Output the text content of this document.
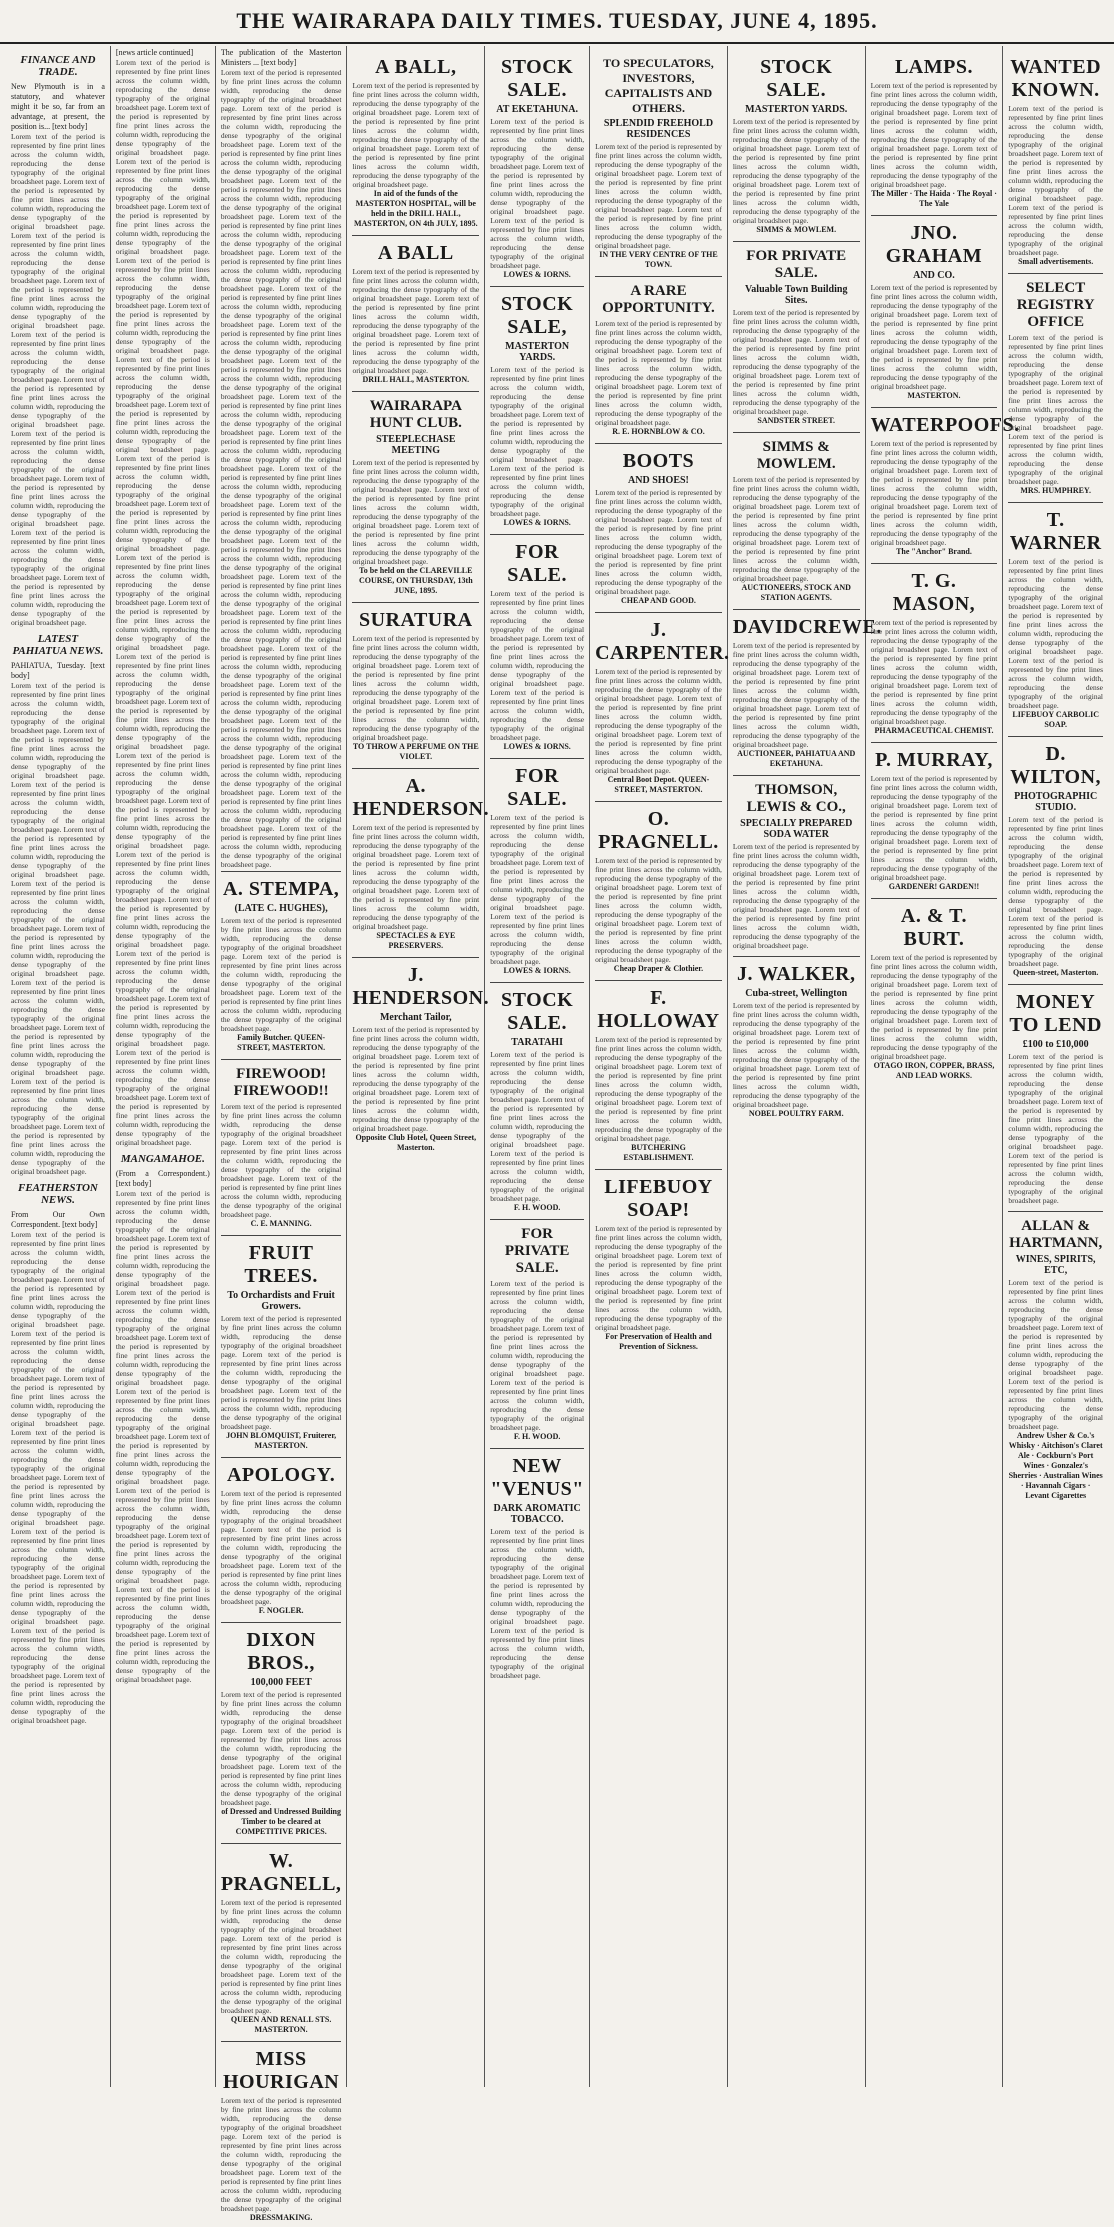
THE WAIRARAPA DAILY TIMES. TUESDAY, JUNE 4, 1895.
FINANCE AND TRADE.
New Plymouth is in a statutory, and whatever might it be so, far from an advantage, at present, the position is... [text body]
Lorem text of the period is represented by fine print lines across the column width, reproducing the dense typography of the original broadsheet page. Lorem text of the period is represented by fine print lines across the column width, reproducing the dense typography of the original broadsheet page. Lorem text of the period is represented by fine print lines across the column width, reproducing the dense typography of the original broadsheet page. Lorem text of the period is represented by fine print lines across the column width, reproducing the dense typography of the original broadsheet page. Lorem text of the period is represented by fine print lines across the column width, reproducing the dense typography of the original broadsheet page. Lorem text of the period is represented by fine print lines across the column width, reproducing the dense typography of the original broadsheet page. Lorem text of the period is represented by fine print lines across the column width, reproducing the dense typography of the original broadsheet page. Lorem text of the period is represented by fine print lines across the column width, reproducing the dense typography of the original broadsheet page. Lorem text of the period is represented by fine print lines across the column width, reproducing the dense typography of the original broadsheet page. Lorem text of the period is represented by fine print lines across the column width, reproducing the dense typography of the original broadsheet page.
LATEST PAHIATUA NEWS.
PAHIATUA, Tuesday. [text body]
Lorem text of the period is represented by fine print lines across the column width, reproducing the dense typography of the original broadsheet page. Lorem text of the period is represented by fine print lines across the column width, reproducing the dense typography of the original broadsheet page. Lorem text of the period is represented by fine print lines across the column width, reproducing the dense typography of the original broadsheet page. Lorem text of the period is represented by fine print lines across the column width, reproducing the dense typography of the original broadsheet page. Lorem text of the period is represented by fine print lines across the column width, reproducing the dense typography of the original broadsheet page. Lorem text of the period is represented by fine print lines across the column width, reproducing the dense typography of the original broadsheet page. Lorem text of the period is represented by fine print lines across the column width, reproducing the dense typography of the original broadsheet page. Lorem text of the period is represented by fine print lines across the column width, reproducing the dense typography of the original broadsheet page. Lorem text of the period is represented by fine print lines across the column width, reproducing the dense typography of the original broadsheet page. Lorem text of the period is represented by fine print lines across the column width, reproducing the dense typography of the original broadsheet page.
FEATHERSTON NEWS.
From Our Own Correspondent. [text body]
Lorem text of the period is represented by fine print lines across the column width, reproducing the dense typography of the original broadsheet page. Lorem text of the period is represented by fine print lines across the column width, reproducing the dense typography of the original broadsheet page. Lorem text of the period is represented by fine print lines across the column width, reproducing the dense typography of the original broadsheet page. Lorem text of the period is represented by fine print lines across the column width, reproducing the dense typography of the original broadsheet page. Lorem text of the period is represented by fine print lines across the column width, reproducing the dense typography of the original broadsheet page. Lorem text of the period is represented by fine print lines across the column width, reproducing the dense typography of the original broadsheet page. Lorem text of the period is represented by fine print lines across the column width, reproducing the dense typography of the original broadsheet page. Lorem text of the period is represented by fine print lines across the column width, reproducing the dense typography of the original broadsheet page. Lorem text of the period is represented by fine print lines across the column width, reproducing the dense typography of the original broadsheet page. Lorem text of the period is represented by fine print lines across the column width, reproducing the dense typography of the original broadsheet page.
[news article continued]
Lorem text of the period is represented by fine print lines across the column width, reproducing the dense typography of the original broadsheet page. Lorem text of the period is represented by fine print lines across the column width, reproducing the dense typography of the original broadsheet page. Lorem text of the period is represented by fine print lines across the column width, reproducing the dense typography of the original broadsheet page. Lorem text of the period is represented by fine print lines across the column width, reproducing the dense typography of the original broadsheet page. Lorem text of the period is represented by fine print lines across the column width, reproducing the dense typography of the original broadsheet page. Lorem text of the period is represented by fine print lines across the column width, reproducing the dense typography of the original broadsheet page. Lorem text of the period is represented by fine print lines across the column width, reproducing the dense typography of the original broadsheet page. Lorem text of the period is represented by fine print lines across the column width, reproducing the dense typography of the original broadsheet page. Lorem text of the period is represented by fine print lines across the column width, reproducing the dense typography of the original broadsheet page. Lorem text of the period is represented by fine print lines across the column width, reproducing the dense typography of the original broadsheet page. Lorem text of the period is represented by fine print lines across the column width, reproducing the dense typography of the original broadsheet page. Lorem text of the period is represented by fine print lines across the column width, reproducing the dense typography of the original broadsheet page. Lorem text of the period is represented by fine print lines across the column width, reproducing the dense typography of the original broadsheet page. Lorem text of the period is represented by fine print lines across the column width, reproducing the dense typography of the original broadsheet page. Lorem text of the period is represented by fine print lines across the column width, reproducing the dense typography of the original broadsheet page. Lorem text of the period is represented by fine print lines across the column width, reproducing the dense typography of the original broadsheet page. Lorem text of the period is represented by fine print lines across the column width, reproducing the dense typography of the original broadsheet page. Lorem text of the period is represented by fine print lines across the column width, reproducing the dense typography of the original broadsheet page. Lorem text of the period is represented by fine print lines across the column width, reproducing the dense typography of the original broadsheet page. Lorem text of the period is represented by fine print lines across the column width, reproducing the dense typography of the original broadsheet page. Lorem text of the period is represented by fine print lines across the column width, reproducing the dense typography of the original broadsheet page. Lorem text of the period is represented by fine print lines across the column width, reproducing the dense typography of the original broadsheet page.
MANGAMAHOE.
(From a Correspondent.) [text body]
Lorem text of the period is represented by fine print lines across the column width, reproducing the dense typography of the original broadsheet page. Lorem text of the period is represented by fine print lines across the column width, reproducing the dense typography of the original broadsheet page. Lorem text of the period is represented by fine print lines across the column width, reproducing the dense typography of the original broadsheet page. Lorem text of the period is represented by fine print lines across the column width, reproducing the dense typography of the original broadsheet page. Lorem text of the period is represented by fine print lines across the column width, reproducing the dense typography of the original broadsheet page. Lorem text of the period is represented by fine print lines across the column width, reproducing the dense typography of the original broadsheet page. Lorem text of the period is represented by fine print lines across the column width, reproducing the dense typography of the original broadsheet page. Lorem text of the period is represented by fine print lines across the column width, reproducing the dense typography of the original broadsheet page. Lorem text of the period is represented by fine print lines across the column width, reproducing the dense typography of the original broadsheet page. Lorem text of the period is represented by fine print lines across the column width, reproducing the dense typography of the original broadsheet page.
The publication of the Masterton Ministers ... [text body]
Lorem text of the period is represented by fine print lines across the column width, reproducing the dense typography of the original broadsheet page. Lorem text of the period is represented by fine print lines across the column width, reproducing the dense typography of the original broadsheet page. Lorem text of the period is represented by fine print lines across the column width, reproducing the dense typography of the original broadsheet page. Lorem text of the period is represented by fine print lines across the column width, reproducing the dense typography of the original broadsheet page. Lorem text of the period is represented by fine print lines across the column width, reproducing the dense typography of the original broadsheet page. Lorem text of the period is represented by fine print lines across the column width, reproducing the dense typography of the original broadsheet page. Lorem text of the period is represented by fine print lines across the column width, reproducing the dense typography of the original broadsheet page. Lorem text of the period is represented by fine print lines across the column width, reproducing the dense typography of the original broadsheet page. Lorem text of the period is represented by fine print lines across the column width, reproducing the dense typography of the original broadsheet page. Lorem text of the period is represented by fine print lines across the column width, reproducing the dense typography of the original broadsheet page. Lorem text of the period is represented by fine print lines across the column width, reproducing the dense typography of the original broadsheet page. Lorem text of the period is represented by fine print lines across the column width, reproducing the dense typography of the original broadsheet page. Lorem text of the period is represented by fine print lines across the column width, reproducing the dense typography of the original broadsheet page. Lorem text of the period is represented by fine print lines across the column width, reproducing the dense typography of the original broadsheet page. Lorem text of the period is represented by fine print lines across the column width, reproducing the dense typography of the original broadsheet page. Lorem text of the period is represented by fine print lines across the column width, reproducing the dense typography of the original broadsheet page. Lorem text of the period is represented by fine print lines across the column width, reproducing the dense typography of the original broadsheet page. Lorem text of the period is represented by fine print lines across the column width, reproducing the dense typography of the original broadsheet page. Lorem text of the period is represented by fine print lines across the column width, reproducing the dense typography of the original broadsheet page. Lorem text of the period is represented by fine print lines across the column width, reproducing the dense typography of the original broadsheet page. Lorem text of the period is represented by fine print lines across the column width, reproducing the dense typography of the original broadsheet page. Lorem text of the period is represented by fine print lines across the column width, reproducing the dense typography of the original broadsheet page.
A. STEMPA,
(LATE C. HUGHES),
Lorem text of the period is represented by fine print lines across the column width, reproducing the dense typography of the original broadsheet page. Lorem text of the period is represented by fine print lines across the column width, reproducing the dense typography of the original broadsheet page. Lorem text of the period is represented by fine print lines across the column width, reproducing the dense typography of the original broadsheet page.
Family Butcher. QUEEN-STREET, MASTERTON.
FIREWOOD! FIREWOOD!!
Lorem text of the period is represented by fine print lines across the column width, reproducing the dense typography of the original broadsheet page. Lorem text of the period is represented by fine print lines across the column width, reproducing the dense typography of the original broadsheet page. Lorem text of the period is represented by fine print lines across the column width, reproducing the dense typography of the original broadsheet page.
C. E. MANNING.
FRUIT TREES.
To Orchardists and Fruit Growers.
Lorem text of the period is represented by fine print lines across the column width, reproducing the dense typography of the original broadsheet page. Lorem text of the period is represented by fine print lines across the column width, reproducing the dense typography of the original broadsheet page. Lorem text of the period is represented by fine print lines across the column width, reproducing the dense typography of the original broadsheet page.
JOHN BLOMQUIST, Fruiterer, MASTERTON.
APOLOGY.
Lorem text of the period is represented by fine print lines across the column width, reproducing the dense typography of the original broadsheet page. Lorem text of the period is represented by fine print lines across the column width, reproducing the dense typography of the original broadsheet page. Lorem text of the period is represented by fine print lines across the column width, reproducing the dense typography of the original broadsheet page.
F. NOGLER.
DIXON BROS.,
100,000 FEET
Lorem text of the period is represented by fine print lines across the column width, reproducing the dense typography of the original broadsheet page. Lorem text of the period is represented by fine print lines across the column width, reproducing the dense typography of the original broadsheet page. Lorem text of the period is represented by fine print lines across the column width, reproducing the dense typography of the original broadsheet page.
of Dressed and Undressed Building Timber to be cleared at COMPETITIVE PRICES.
W. PRAGNELL,
Lorem text of the period is represented by fine print lines across the column width, reproducing the dense typography of the original broadsheet page. Lorem text of the period is represented by fine print lines across the column width, reproducing the dense typography of the original broadsheet page. Lorem text of the period is represented by fine print lines across the column width, reproducing the dense typography of the original broadsheet page.
QUEEN AND RENALL STS. MASTERTON.
MISS HOURIGAN
Lorem text of the period is represented by fine print lines across the column width, reproducing the dense typography of the original broadsheet page. Lorem text of the period is represented by fine print lines across the column width, reproducing the dense typography of the original broadsheet page. Lorem text of the period is represented by fine print lines across the column width, reproducing the dense typography of the original broadsheet page.
DRESSMAKING.
A BALL,
Lorem text of the period is represented by fine print lines across the column width, reproducing the dense typography of the original broadsheet page. Lorem text of the period is represented by fine print lines across the column width, reproducing the dense typography of the original broadsheet page. Lorem text of the period is represented by fine print lines across the column width, reproducing the dense typography of the original broadsheet page.
In aid of the funds of the MASTERTON HOSPITAL, will be held in the DRILL HALL, MASTERTON, ON 4th JULY, 1895.
A BALL
Lorem text of the period is represented by fine print lines across the column width, reproducing the dense typography of the original broadsheet page. Lorem text of the period is represented by fine print lines across the column width, reproducing the dense typography of the original broadsheet page. Lorem text of the period is represented by fine print lines across the column width, reproducing the dense typography of the original broadsheet page.
DRILL HALL, MASTERTON.
WAIRARAPA HUNT CLUB.
STEEPLECHASE MEETING
Lorem text of the period is represented by fine print lines across the column width, reproducing the dense typography of the original broadsheet page. Lorem text of the period is represented by fine print lines across the column width, reproducing the dense typography of the original broadsheet page. Lorem text of the period is represented by fine print lines across the column width, reproducing the dense typography of the original broadsheet page.
To be held on the CLAREVILLE COURSE, ON THURSDAY, 13th JUNE, 1895.
SURATURA
Lorem text of the period is represented by fine print lines across the column width, reproducing the dense typography of the original broadsheet page. Lorem text of the period is represented by fine print lines across the column width, reproducing the dense typography of the original broadsheet page. Lorem text of the period is represented by fine print lines across the column width, reproducing the dense typography of the original broadsheet page.
TO THROW A PERFUME ON THE VIOLET.
A. HENDERSON.
Lorem text of the period is represented by fine print lines across the column width, reproducing the dense typography of the original broadsheet page. Lorem text of the period is represented by fine print lines across the column width, reproducing the dense typography of the original broadsheet page. Lorem text of the period is represented by fine print lines across the column width, reproducing the dense typography of the original broadsheet page.
SPECTACLES & EYE PRESERVERS.
J. HENDERSON.
Merchant Tailor,
Lorem text of the period is represented by fine print lines across the column width, reproducing the dense typography of the original broadsheet page. Lorem text of the period is represented by fine print lines across the column width, reproducing the dense typography of the original broadsheet page. Lorem text of the period is represented by fine print lines across the column width, reproducing the dense typography of the original broadsheet page.
Opposite Club Hotel, Queen Street, Masterton.
STOCK SALE.
AT EKETAHUNA.
Lorem text of the period is represented by fine print lines across the column width, reproducing the dense typography of the original broadsheet page. Lorem text of the period is represented by fine print lines across the column width, reproducing the dense typography of the original broadsheet page. Lorem text of the period is represented by fine print lines across the column width, reproducing the dense typography of the original broadsheet page.
LOWES & IORNS.
STOCK SALE,
MASTERTON YARDS.
Lorem text of the period is represented by fine print lines across the column width, reproducing the dense typography of the original broadsheet page. Lorem text of the period is represented by fine print lines across the column width, reproducing the dense typography of the original broadsheet page. Lorem text of the period is represented by fine print lines across the column width, reproducing the dense typography of the original broadsheet page.
LOWES & IORNS.
FOR SALE.
Lorem text of the period is represented by fine print lines across the column width, reproducing the dense typography of the original broadsheet page. Lorem text of the period is represented by fine print lines across the column width, reproducing the dense typography of the original broadsheet page. Lorem text of the period is represented by fine print lines across the column width, reproducing the dense typography of the original broadsheet page.
LOWES & IORNS.
FOR SALE.
Lorem text of the period is represented by fine print lines across the column width, reproducing the dense typography of the original broadsheet page. Lorem text of the period is represented by fine print lines across the column width, reproducing the dense typography of the original broadsheet page. Lorem text of the period is represented by fine print lines across the column width, reproducing the dense typography of the original broadsheet page.
LOWES & IORNS.
STOCK SALE.
TARATAHI
Lorem text of the period is represented by fine print lines across the column width, reproducing the dense typography of the original broadsheet page. Lorem text of the period is represented by fine print lines across the column width, reproducing the dense typography of the original broadsheet page. Lorem text of the period is represented by fine print lines across the column width, reproducing the dense typography of the original broadsheet page.
F. H. WOOD.
FOR PRIVATE SALE.
Lorem text of the period is represented by fine print lines across the column width, reproducing the dense typography of the original broadsheet page. Lorem text of the period is represented by fine print lines across the column width, reproducing the dense typography of the original broadsheet page. Lorem text of the period is represented by fine print lines across the column width, reproducing the dense typography of the original broadsheet page.
F. H. WOOD.
NEW "VENUS"
DARK AROMATIC TOBACCO.
Lorem text of the period is represented by fine print lines across the column width, reproducing the dense typography of the original broadsheet page. Lorem text of the period is represented by fine print lines across the column width, reproducing the dense typography of the original broadsheet page. Lorem text of the period is represented by fine print lines across the column width, reproducing the dense typography of the original broadsheet page.
TO SPECULATORS, INVESTORS, CAPITALISTS AND OTHERS.
SPLENDID FREEHOLD RESIDENCES
Lorem text of the period is represented by fine print lines across the column width, reproducing the dense typography of the original broadsheet page. Lorem text of the period is represented by fine print lines across the column width, reproducing the dense typography of the original broadsheet page. Lorem text of the period is represented by fine print lines across the column width, reproducing the dense typography of the original broadsheet page.
IN THE VERY CENTRE OF THE TOWN.
A RARE OPPORTUNITY.
Lorem text of the period is represented by fine print lines across the column width, reproducing the dense typography of the original broadsheet page. Lorem text of the period is represented by fine print lines across the column width, reproducing the dense typography of the original broadsheet page. Lorem text of the period is represented by fine print lines across the column width, reproducing the dense typography of the original broadsheet page.
R. E. HORNBLOW & CO.
BOOTS
AND SHOES!
Lorem text of the period is represented by fine print lines across the column width, reproducing the dense typography of the original broadsheet page. Lorem text of the period is represented by fine print lines across the column width, reproducing the dense typography of the original broadsheet page. Lorem text of the period is represented by fine print lines across the column width, reproducing the dense typography of the original broadsheet page.
CHEAP AND GOOD.
J. CARPENTER.
Lorem text of the period is represented by fine print lines across the column width, reproducing the dense typography of the original broadsheet page. Lorem text of the period is represented by fine print lines across the column width, reproducing the dense typography of the original broadsheet page. Lorem text of the period is represented by fine print lines across the column width, reproducing the dense typography of the original broadsheet page.
Central Boot Depot. QUEEN-STREET, MASTERTON.
O. PRAGNELL.
Lorem text of the period is represented by fine print lines across the column width, reproducing the dense typography of the original broadsheet page. Lorem text of the period is represented by fine print lines across the column width, reproducing the dense typography of the original broadsheet page. Lorem text of the period is represented by fine print lines across the column width, reproducing the dense typography of the original broadsheet page.
Cheap Draper & Clothier.
F. HOLLOWAY
Lorem text of the period is represented by fine print lines across the column width, reproducing the dense typography of the original broadsheet page. Lorem text of the period is represented by fine print lines across the column width, reproducing the dense typography of the original broadsheet page. Lorem text of the period is represented by fine print lines across the column width, reproducing the dense typography of the original broadsheet page.
BUTCHERING ESTABLISHMENT.
LIFEBUOY SOAP!
Lorem text of the period is represented by fine print lines across the column width, reproducing the dense typography of the original broadsheet page. Lorem text of the period is represented by fine print lines across the column width, reproducing the dense typography of the original broadsheet page. Lorem text of the period is represented by fine print lines across the column width, reproducing the dense typography of the original broadsheet page.
For Preservation of Health and Prevention of Sickness.
STOCK SALE.
MASTERTON YARDS.
Lorem text of the period is represented by fine print lines across the column width, reproducing the dense typography of the original broadsheet page. Lorem text of the period is represented by fine print lines across the column width, reproducing the dense typography of the original broadsheet page. Lorem text of the period is represented by fine print lines across the column width, reproducing the dense typography of the original broadsheet page.
SIMMS & MOWLEM.
FOR PRIVATE SALE.
Valuable Town Building Sites.
Lorem text of the period is represented by fine print lines across the column width, reproducing the dense typography of the original broadsheet page. Lorem text of the period is represented by fine print lines across the column width, reproducing the dense typography of the original broadsheet page. Lorem text of the period is represented by fine print lines across the column width, reproducing the dense typography of the original broadsheet page.
SANDSTER STREET.
SIMMS & MOWLEM.
Lorem text of the period is represented by fine print lines across the column width, reproducing the dense typography of the original broadsheet page. Lorem text of the period is represented by fine print lines across the column width, reproducing the dense typography of the original broadsheet page. Lorem text of the period is represented by fine print lines across the column width, reproducing the dense typography of the original broadsheet page.
AUCTIONEERS, STOCK AND STATION AGENTS.
DAVIDCREWE.
Lorem text of the period is represented by fine print lines across the column width, reproducing the dense typography of the original broadsheet page. Lorem text of the period is represented by fine print lines across the column width, reproducing the dense typography of the original broadsheet page. Lorem text of the period is represented by fine print lines across the column width, reproducing the dense typography of the original broadsheet page.
AUCTIONEER, PAHIATUA AND EKETAHUNA.
THOMSON, LEWIS & CO.,
SPECIALLY PREPARED SODA WATER
Lorem text of the period is represented by fine print lines across the column width, reproducing the dense typography of the original broadsheet page. Lorem text of the period is represented by fine print lines across the column width, reproducing the dense typography of the original broadsheet page. Lorem text of the period is represented by fine print lines across the column width, reproducing the dense typography of the original broadsheet page.
J. WALKER,
Cuba-street, Wellington
Lorem text of the period is represented by fine print lines across the column width, reproducing the dense typography of the original broadsheet page. Lorem text of the period is represented by fine print lines across the column width, reproducing the dense typography of the original broadsheet page. Lorem text of the period is represented by fine print lines across the column width, reproducing the dense typography of the original broadsheet page.
NOBEL POULTRY FARM.
LAMPS.
Lorem text of the period is represented by fine print lines across the column width, reproducing the dense typography of the original broadsheet page. Lorem text of the period is represented by fine print lines across the column width, reproducing the dense typography of the original broadsheet page. Lorem text of the period is represented by fine print lines across the column width, reproducing the dense typography of the original broadsheet page.
The Miller · The Haida · The Royal · The Yale
JNO. GRAHAM
AND CO.
Lorem text of the period is represented by fine print lines across the column width, reproducing the dense typography of the original broadsheet page. Lorem text of the period is represented by fine print lines across the column width, reproducing the dense typography of the original broadsheet page. Lorem text of the period is represented by fine print lines across the column width, reproducing the dense typography of the original broadsheet page.
MASTERTON.
WATERPOOFS.
Lorem text of the period is represented by fine print lines across the column width, reproducing the dense typography of the original broadsheet page. Lorem text of the period is represented by fine print lines across the column width, reproducing the dense typography of the original broadsheet page. Lorem text of the period is represented by fine print lines across the column width, reproducing the dense typography of the original broadsheet page.
The "Anchor" Brand.
T. G. MASON,
Lorem text of the period is represented by fine print lines across the column width, reproducing the dense typography of the original broadsheet page. Lorem text of the period is represented by fine print lines across the column width, reproducing the dense typography of the original broadsheet page. Lorem text of the period is represented by fine print lines across the column width, reproducing the dense typography of the original broadsheet page.
PHARMACEUTICAL CHEMIST.
P. MURRAY,
Lorem text of the period is represented by fine print lines across the column width, reproducing the dense typography of the original broadsheet page. Lorem text of the period is represented by fine print lines across the column width, reproducing the dense typography of the original broadsheet page. Lorem text of the period is represented by fine print lines across the column width, reproducing the dense typography of the original broadsheet page.
GARDENER! GARDEN!!
A. & T. BURT.
Lorem text of the period is represented by fine print lines across the column width, reproducing the dense typography of the original broadsheet page. Lorem text of the period is represented by fine print lines across the column width, reproducing the dense typography of the original broadsheet page. Lorem text of the period is represented by fine print lines across the column width, reproducing the dense typography of the original broadsheet page.
OTAGO IRON, COPPER, BRASS, AND LEAD WORKS.
WANTED KNOWN.
Lorem text of the period is represented by fine print lines across the column width, reproducing the dense typography of the original broadsheet page. Lorem text of the period is represented by fine print lines across the column width, reproducing the dense typography of the original broadsheet page. Lorem text of the period is represented by fine print lines across the column width, reproducing the dense typography of the original broadsheet page.
Small advertisements.
SELECT REGISTRY OFFICE
Lorem text of the period is represented by fine print lines across the column width, reproducing the dense typography of the original broadsheet page. Lorem text of the period is represented by fine print lines across the column width, reproducing the dense typography of the original broadsheet page. Lorem text of the period is represented by fine print lines across the column width, reproducing the dense typography of the original broadsheet page.
MRS. HUMPHREY.
T. WARNER
Lorem text of the period is represented by fine print lines across the column width, reproducing the dense typography of the original broadsheet page. Lorem text of the period is represented by fine print lines across the column width, reproducing the dense typography of the original broadsheet page. Lorem text of the period is represented by fine print lines across the column width, reproducing the dense typography of the original broadsheet page.
LIFEBUOY CARBOLIC SOAP.
D. WILTON,
PHOTOGRAPHIC STUDIO.
Lorem text of the period is represented by fine print lines across the column width, reproducing the dense typography of the original broadsheet page. Lorem text of the period is represented by fine print lines across the column width, reproducing the dense typography of the original broadsheet page. Lorem text of the period is represented by fine print lines across the column width, reproducing the dense typography of the original broadsheet page.
Queen-street, Masterton.
MONEY TO LEND
£100 to £10,000
Lorem text of the period is represented by fine print lines across the column width, reproducing the dense typography of the original broadsheet page. Lorem text of the period is represented by fine print lines across the column width, reproducing the dense typography of the original broadsheet page. Lorem text of the period is represented by fine print lines across the column width, reproducing the dense typography of the original broadsheet page.
ALLAN & HARTMANN,
WINES, SPIRITS, ETC,
Lorem text of the period is represented by fine print lines across the column width, reproducing the dense typography of the original broadsheet page. Lorem text of the period is represented by fine print lines across the column width, reproducing the dense typography of the original broadsheet page. Lorem text of the period is represented by fine print lines across the column width, reproducing the dense typography of the original broadsheet page.
Andrew Usher & Co.'s Whisky · Aitchison's Claret Ale · Cockburn's Port Wines · Gonzalez's Sherries · Australian Wines · Havannah Cigars · Levant Cigarettes
